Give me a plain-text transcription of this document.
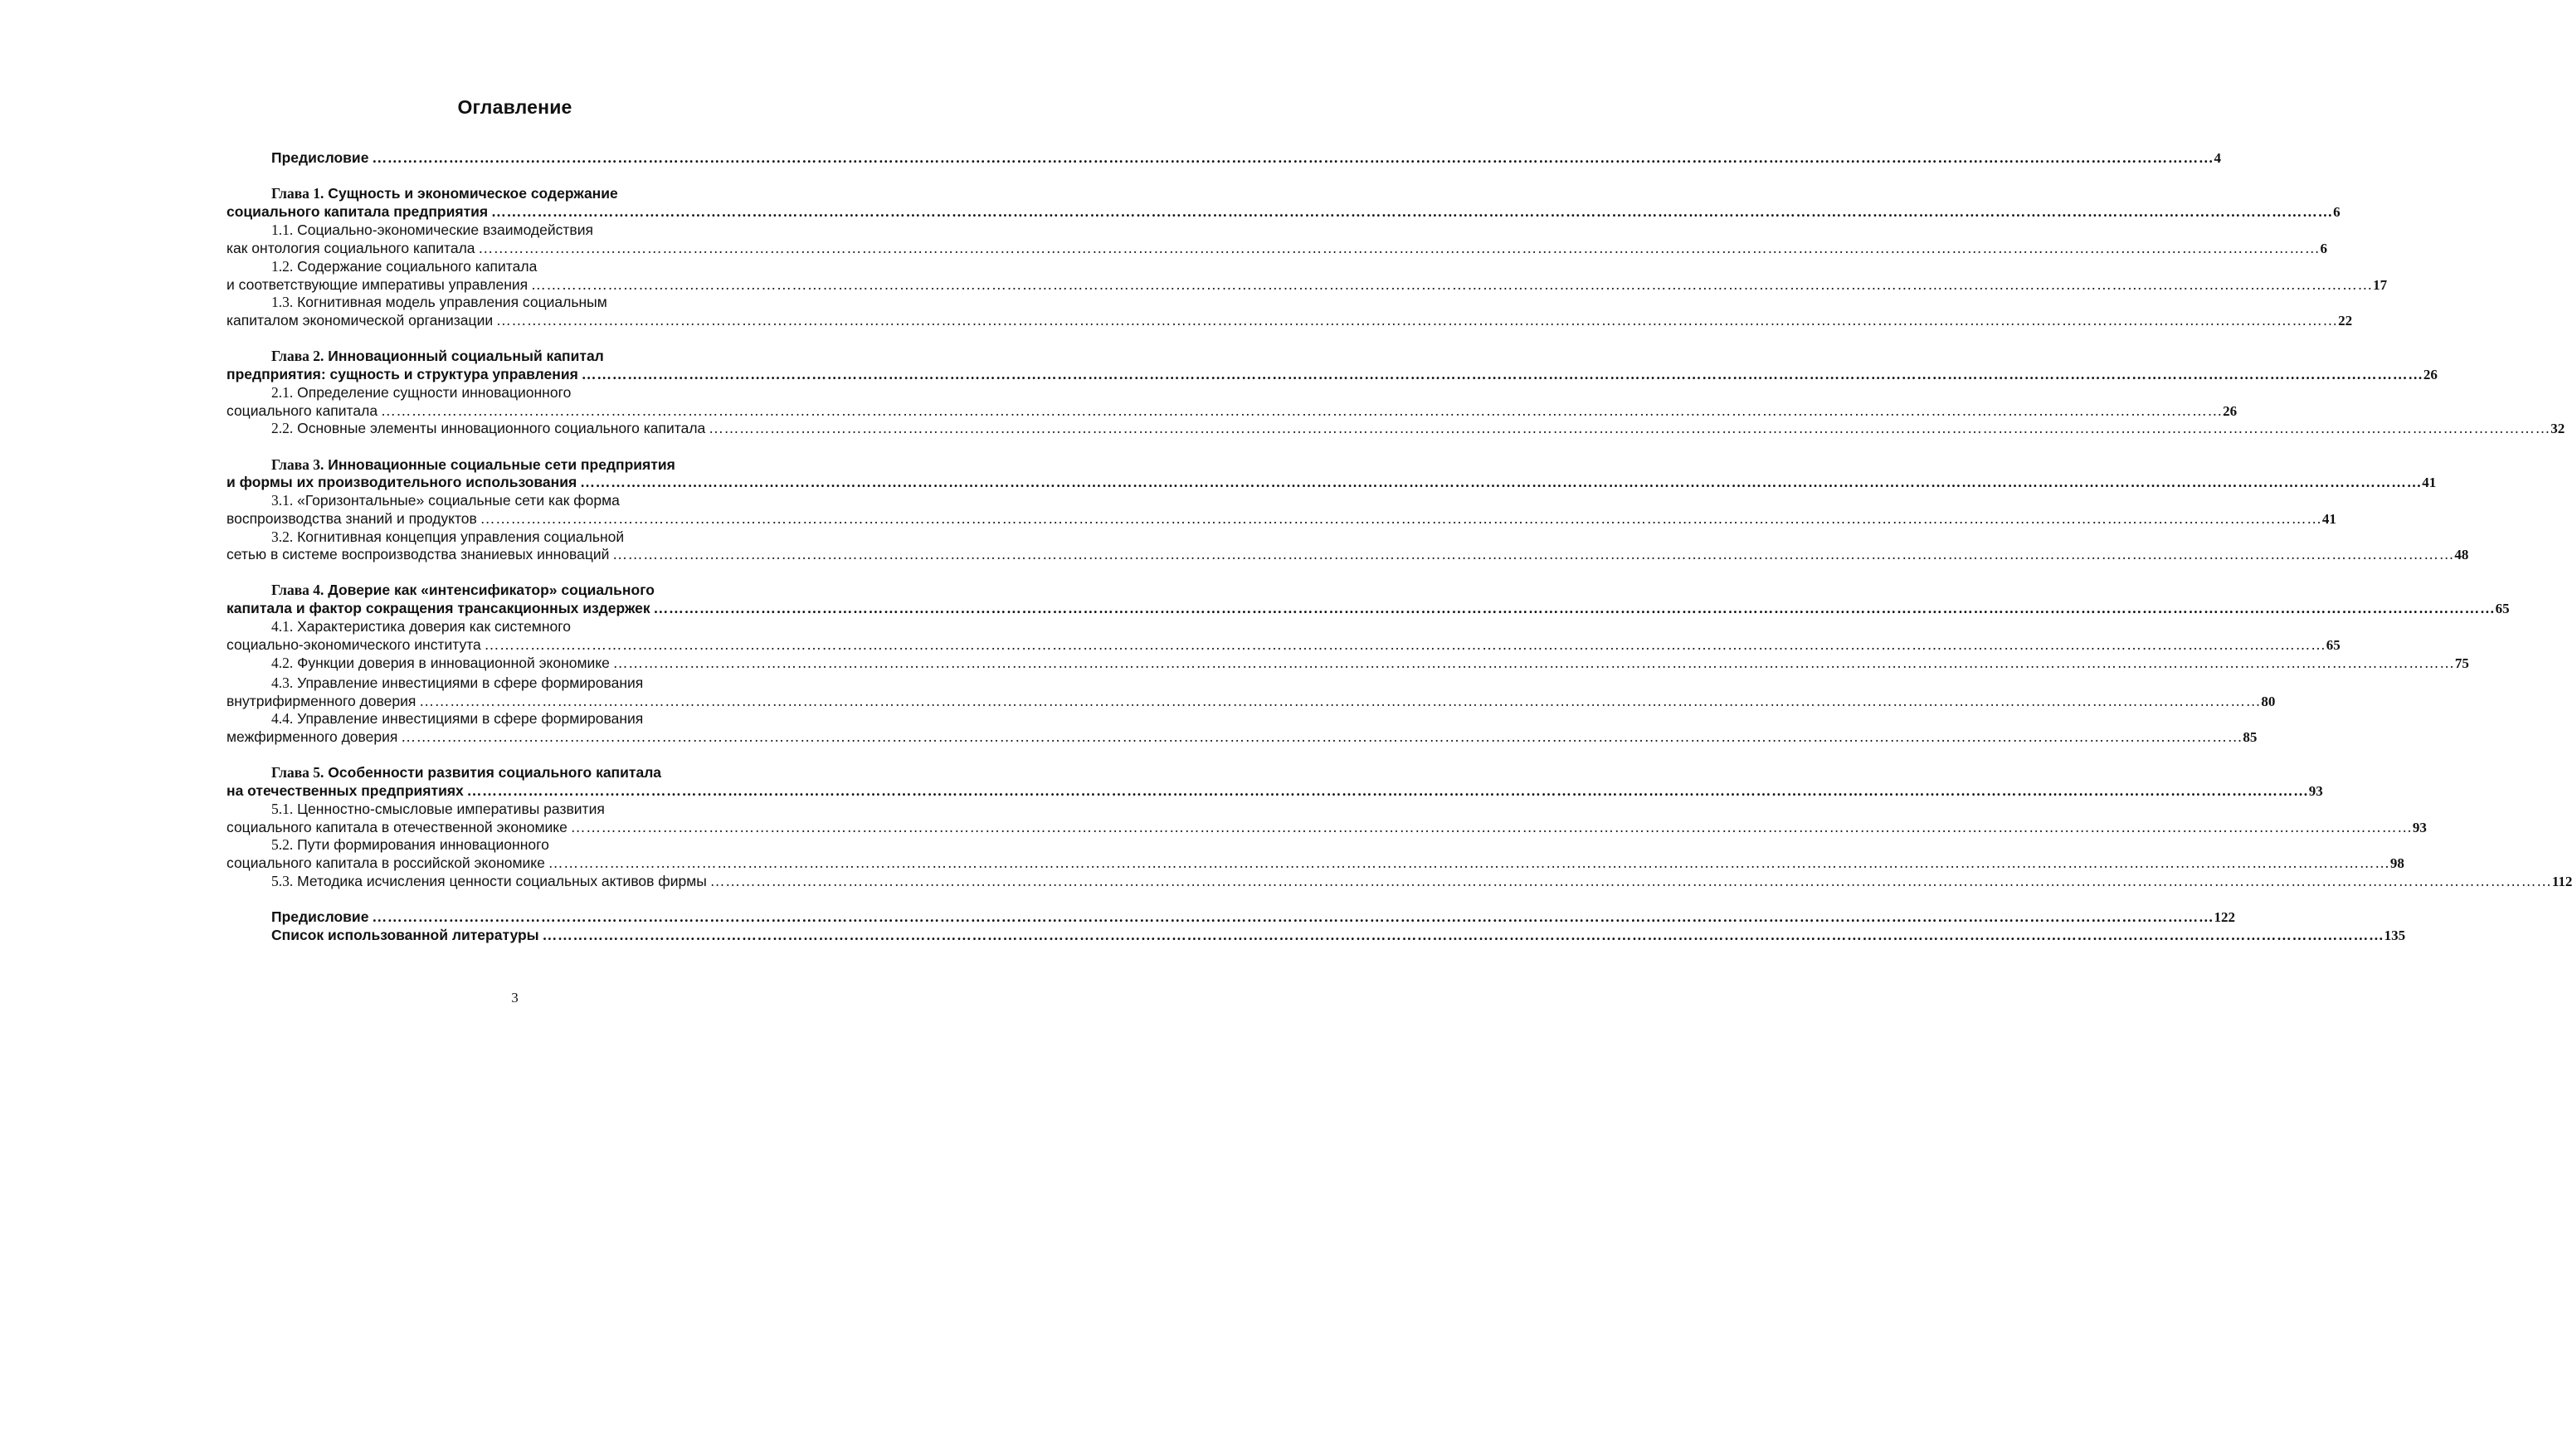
Оглавление
Предисловие ……………………………………………………………………………………………………………………………………………………………………………………………………………………………………………………………………………………………………………………………… 4
Глава 1. Сущность и экономическое содержание
социального капитала предприятия ……………………………………………………………………………………………………………………………………………………………………………………………………………………………………………………………………………………………………………………………… 6
1.1. Социально-экономические взаимодействия
как онтология социального капитала ……………………………………………………………………………………………………………………………………………………………………………………………………………………………………………………………………………………………………………………………… 6
1.2. Содержание социального капитала
и соответствующие императивы управления ……………………………………………………………………………………………………………………………………………………………………………………………………………………………………………………………………………………………………………………………… 17
1.3. Когнитивная модель управления социальным
капиталом экономической организации ……………………………………………………………………………………………………………………………………………………………………………………………………………………………………………………………………………………………………………………………… 22
Глава 2. Инновационный социальный капитал
предприятия: сущность и структура управления ……………………………………………………………………………………………………………………………………………………………………………………………………………………………………………………………………………………………………………………………… 26
2.1. Определение сущности инновационного
социального капитала ……………………………………………………………………………………………………………………………………………………………………………………………………………………………………………………………………………………………………………………………… 26
2.2. Основные элементы инновационного социального капитала ……………………………………………………………………………………………………………………………………………………………………………………………………………………………………………………………………………………………………………………………… 32
Глава 3. Инновационные социальные сети предприятия
и формы их производительного использования ……………………………………………………………………………………………………………………………………………………………………………………………………………………………………………………………………………………………………………………………… 41
3.1. «Горизонтальные» социальные сети как форма
воспроизводства знаний и продуктов ……………………………………………………………………………………………………………………………………………………………………………………………………………………………………………………………………………………………………………………………… 41
3.2. Когнитивная концепция управления социальной
сетью в системе воспроизводства знаниевых инноваций ……………………………………………………………………………………………………………………………………………………………………………………………………………………………………………………………………………………………………………………………… 48
Глава 4. Доверие как «интенсификатор» социального
капитала и фактор сокращения трансакционных издержек ……………………………………………………………………………………………………………………………………………………………………………………………………………………………………………………………………………………………………………………………… 65
4.1. Характеристика доверия как системного
социально-экономического института ……………………………………………………………………………………………………………………………………………………………………………………………………………………………………………………………………………………………………………………………… 65
4.2. Функции доверия в инновационной экономике ……………………………………………………………………………………………………………………………………………………………………………………………………………………………………………………………………………………………………………………………… 75
4.3. Управление инвестициями в сфере формирования
внутрифирменного доверия ……………………………………………………………………………………………………………………………………………………………………………………………………………………………………………………………………………………………………………………………… 80
4.4. Управление инвестициями в сфере формирования
межфирменного доверия ……………………………………………………………………………………………………………………………………………………………………………………………………………………………………………………………………………………………………………………………… 85
Глава 5. Особенности развития социального капитала
на отечественных предприятиях ……………………………………………………………………………………………………………………………………………………………………………………………………………………………………………………………………………………………………………………………… 93
5.1. Ценностно-смысловые императивы развития
социального капитала в отечественной экономике ……………………………………………………………………………………………………………………………………………………………………………………………………………………………………………………………………………………………………………………………… 93
5.2. Пути формирования инновационного
социального капитала в российской экономике ……………………………………………………………………………………………………………………………………………………………………………………………………………………………………………………………………………………………………………………………… 98
5.3. Методика исчисления ценности социальных активов фирмы ……………………………………………………………………………………………………………………………………………………………………………………………………………………………………………………………………………………………………………………………… 112
Предисловие ……………………………………………………………………………………………………………………………………………………………………………………………………………………………………………………………………………………………………………………………… 122
Список использованной литературы ……………………………………………………………………………………………………………………………………………………………………………………………………………………………………………………………………………………………………………………………… 135
3
